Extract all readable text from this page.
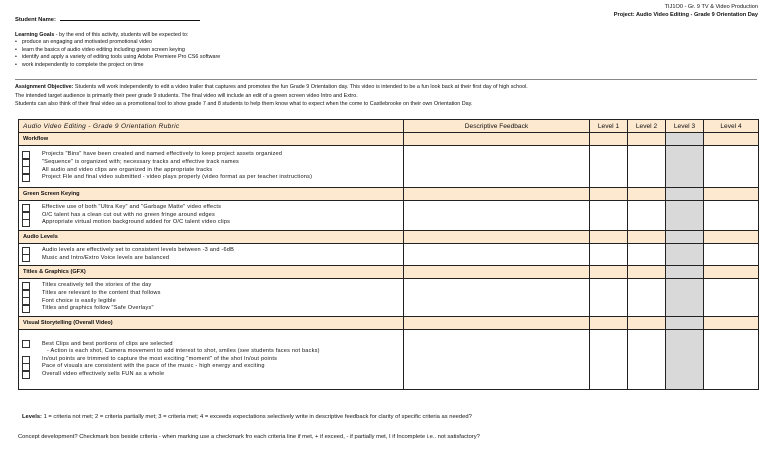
TIJ1O0 - Gr. 9 TV & Video Production
Project: Audio Video Editing - Grade 9 Orientation Day
Student Name:
Learning Goals - by the end of this activity, students will be expected to:
• produce an engaging and motivated promotional video
• learn the basics of audio video editing including green screen keying
• identify and apply a variety of editing tools using Adobe Premiere Pro CS6 software
• work independently to complete the project on time
Assignment Objective: Students will work independently to edit a video trailer that captures and promotes the fun Grade 9 Orientation day. This video is intended to be a fun look back at their first day of high school.
The intended target audience is primarily their peer grade 9 students. The final video will include an edit of a green screen video Intro and Extro.
Students can also think of their final video as a promotional tool to show grade 7 and 8 students to help them know what to expect when the come to Castlebrooke on their own Orientation Day.
Audio Video Editing - Grade 9 Orientation Rubric	Descriptive Feedback	Level 1	Level 2	Level 3	Level 4
Workflow					

Projects "Bins" have been created and named effectively to keep project assets organized
"Sequence" is organized with; necessary tracks and effective track names
All audio and video clips are organized in the appropriate tracks
Project File and final video submitted - video plays properly (video format as per teacher instructions)					

Green Screen Keying					

Effective use of both "Ultra Key" and "Garbage Matte" video effects
O/C talent has a clean cut out with no green fringe around edges
Appropriate virtual motion background added for O/C talent video clips					

Audio Levels					

Audio levels are effectively set to consistent levels between -3 and -6dB
Music and Intro/Extro Voice levels are balanced					

Titles & Graphics (GFX)					

Titles creatively tell the stories of the day
Titles are relevant to the content that follows
Font choice is easily legible
Titles and graphics follow "Safe Overlays"					

Visual Storytelling (Overall Video)					

Best Clips and best portions of clips are selected
- Action is each shot, Camera movement to add interest to shot, smiles (see students faces not backs)
In/out points are trimmed to capture the most exciting "moment" of the shot In/out points
Pace of visuals are consistent with the pace of the music - high energy and exciting
Overall video effectively sells FUN as a whole					

Levels: 1 = criteria not met; 2 = criteria partially met; 3 = criteria met; 4 = exceeds expectations selectively write in descriptive feedback for clarity of specific criteria as needed?
Concept development? Checkmark box beside criteria - when marking use a checkmark fro each criteria line if met, + if exceed, - if partially met, I if Incomplete i.e.. not satisfactory?
